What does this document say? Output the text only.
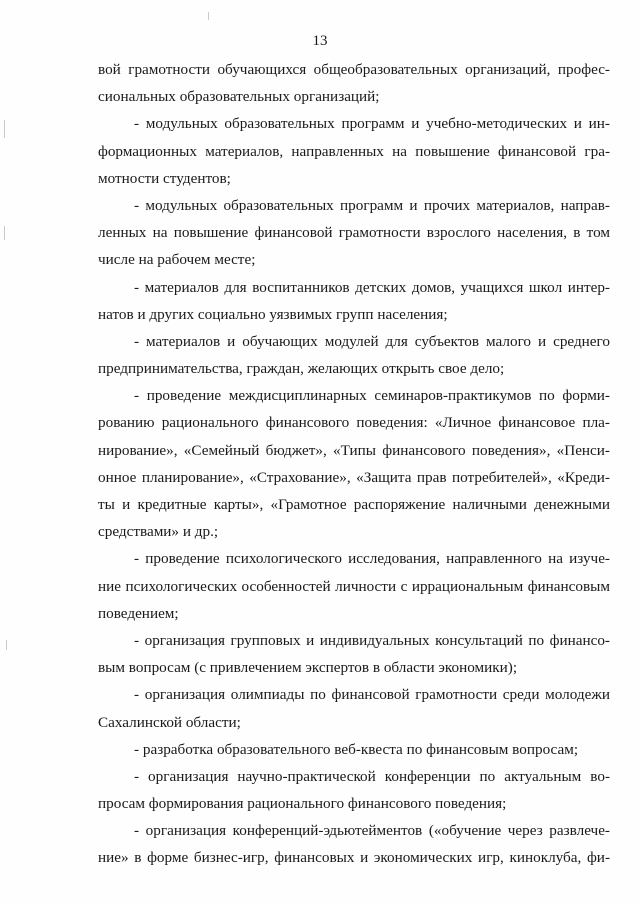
13
вой грамотности обучающихся общеобразовательных организаций, профес-
сиональных образовательных организаций;
- модульных образовательных программ и учебно-методических и ин-
формационных материалов, направленных на повышение финансовой гра-
мотности студентов;
- модульных образовательных программ и прочих материалов, направ-
ленных на повышение финансовой грамотности взрослого населения, в том
числе на рабочем месте;
- материалов для воспитанников детских домов, учащихся школ интер-
натов и других социально уязвимых групп населения;
- материалов и обучающих модулей для субъектов малого и среднего
предпринимательства, граждан, желающих открыть свое дело;
- проведение междисциплинарных семинаров-практикумов по форми-
рованию рационального финансового поведения: «Личное финансовое пла-
нирование», «Семейный бюджет», «Типы финансового поведения», «Пенси-
онное планирование», «Страхование», «Защита прав потребителей», «Креди-
ты и кредитные карты», «Грамотное распоряжение наличными денежными
средствами» и др.;
- проведение психологического исследования, направленного на изуче-
ние психологических особенностей личности с иррациональным финансовым
поведением;
- организация групповых и индивидуальных консультаций по финансо-
вым вопросам (с привлечением экспертов в области экономики);
- организация олимпиады по финансовой грамотности среди молодежи
Сахалинской области;
- разработка образовательного веб-квеста по финансовым вопросам;
- организация научно-практической конференции по актуальным во-
просам формирования рационального финансового поведения;
- организация конференций-эдьютейментов («обучение через развлече-
ние» в форме бизнес-игр, финансовых и экономических игр, киноклуба, фи-
